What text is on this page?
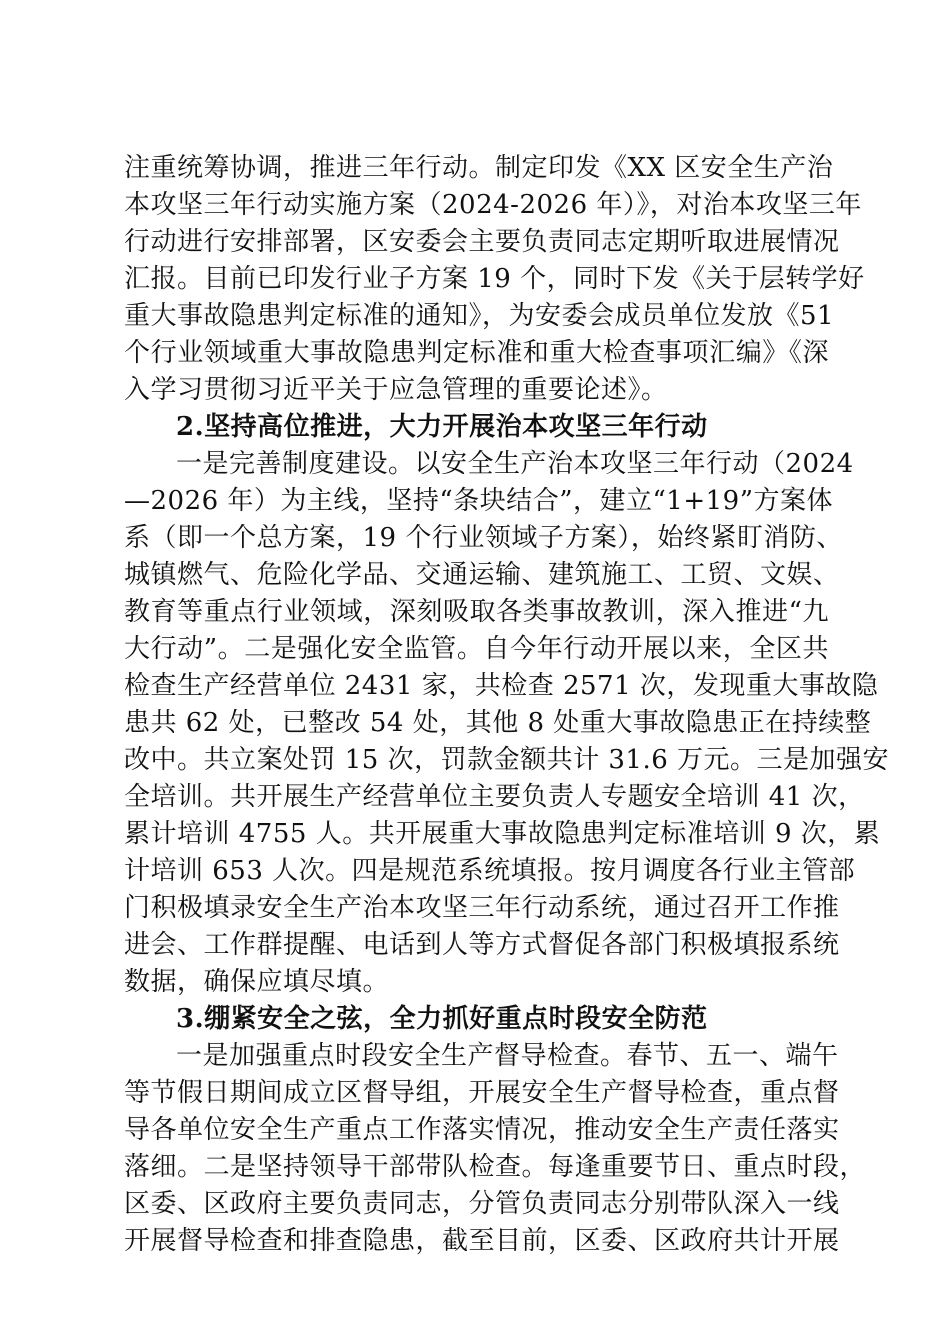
注重统筹协调，推进三年行动。制定印发《XX 区安全生产治
本攻坚三年行动实施方案（2024-2026 年）》，对治本攻坚三年
行动进行安排部署，区安委会主要负责同志定期听取进展情况
汇报。目前已印发行业子方案 19 个，同时下发《关于层转学好
重大事故隐患判定标准的通知》，为安委会成员单位发放《51
个行业领域重大事故隐患判定标准和重大检查事项汇编》《深
入学习贯彻习近平关于应急管理的重要论述》。
2.坚持高位推进，大力开展治本攻坚三年行动
一是完善制度建设。以安全生产治本攻坚三年行动（2024
—2026 年）为主线，坚持“条块结合”，建立“1+19”方案体
系（即一个总方案，19 个行业领域子方案），始终紧盯消防、
城镇燃气、危险化学品、交通运输、建筑施工、工贸、文娱、
教育等重点行业领域，深刻吸取各类事故教训，深入推进“九
大行动”。二是强化安全监管。自今年行动开展以来，全区共
检查生产经营单位 2431 家，共检查 2571 次，发现重大事故隐
患共 62 处，已整改 54 处，其他 8 处重大事故隐患正在持续整
改中。共立案处罚 15 次，罚款金额共计 31.6 万元。三是加强安
全培训。共开展生产经营单位主要负责人专题安全培训 41 次，
累计培训 4755 人。共开展重大事故隐患判定标准培训 9 次，累
计培训 653 人次。四是规范系统填报。按月调度各行业主管部
门积极填录安全生产治本攻坚三年行动系统，通过召开工作推
进会、工作群提醒、电话到人等方式督促各部门积极填报系统
数据，确保应填尽填。
3.绷紧安全之弦，全力抓好重点时段安全防范
一是加强重点时段安全生产督导检查。春节、五一、端午
等节假日期间成立区督导组，开展安全生产督导检查，重点督
导各单位安全生产重点工作落实情况，推动安全生产责任落实
落细。二是坚持领导干部带队检查。每逢重要节日、重点时段，
区委、区政府主要负责同志，分管负责同志分别带队深入一线
开展督导检查和排查隐患，截至目前，区委、区政府共计开展
